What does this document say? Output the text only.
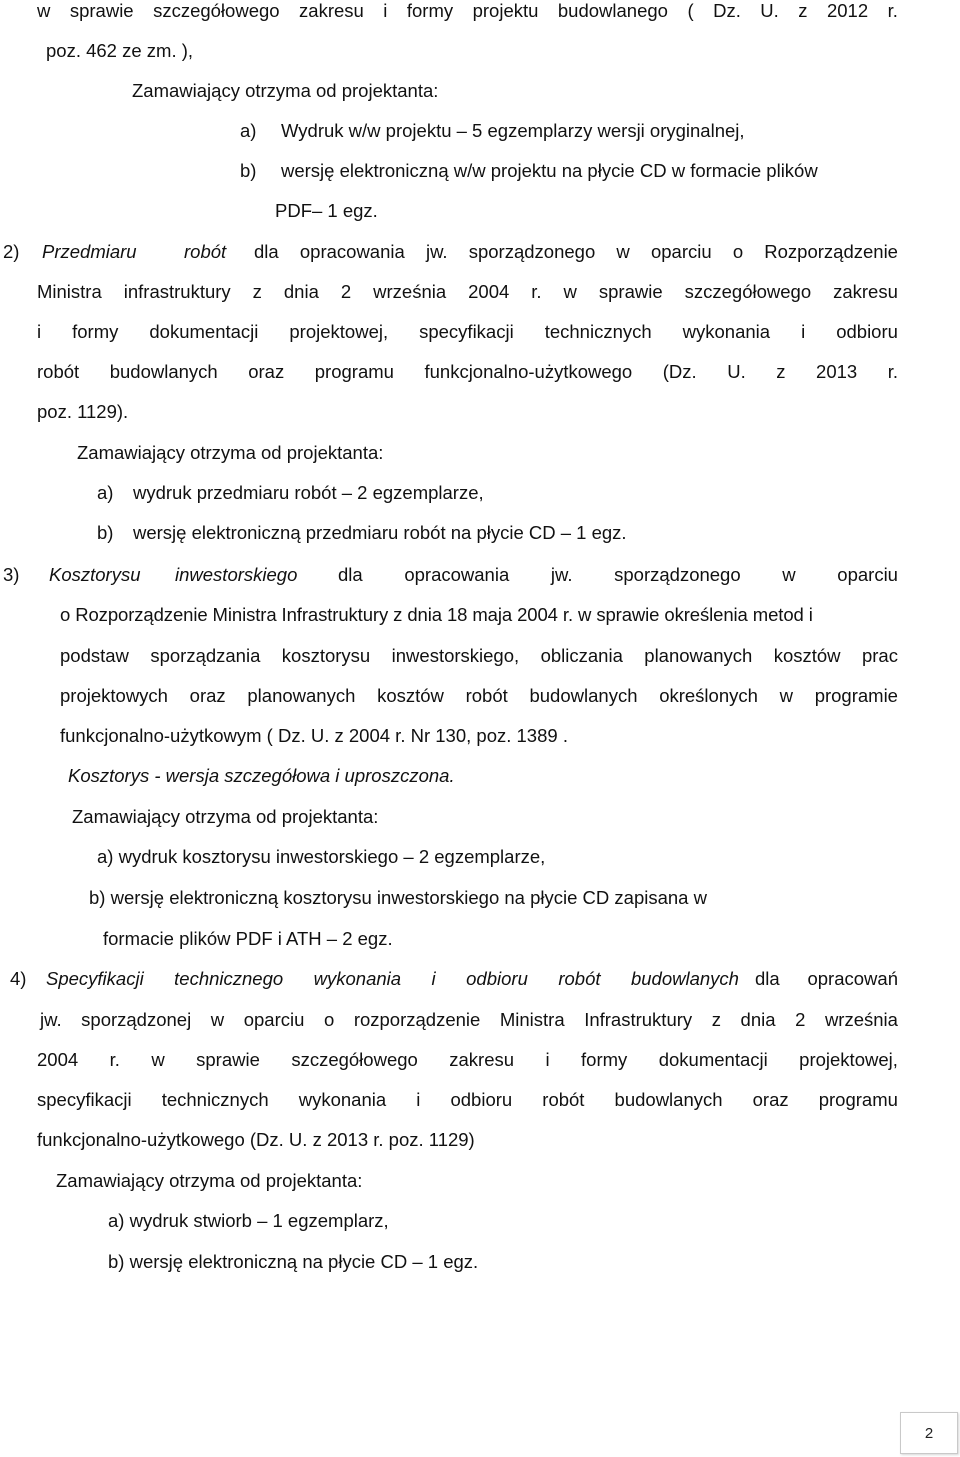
w sprawie szczegółowego zakresu i formy projektu budowlanego ( Dz. U. z 2012 r.
poz. 462 ze zm. ),
Zamawiający otrzyma od projektanta:
a) Wydruk w/w projektu – 5 egzemplarzy wersji oryginalnej,
b) wersję elektroniczną w/w projektu na płycie CD w formacie plików
PDF– 1 egz.
2) Przedmiaru	robót dla opracowania jw. sporządzonego w oparciu o Rozporządzenie
Ministra infrastruktury z dnia 2 września 2004 r. w sprawie szczegółowego zakresu
i formy dokumentacji projektowej, specyfikacji technicznych wykonania i odbioru
robót budowlanych oraz programu funkcjonalno-użytkowego (Dz. U. z 2013 r.
poz. 1129).
Zamawiający otrzyma od projektanta:
a) wydruk przedmiaru robót – 2 egzemplarze,
b) wersję elektroniczną przedmiaru robót na płycie CD – 1 egz.
3) Kosztorysu inwestorskiego dla opracowania jw. sporządzonego w oparciu
o Rozporządzenie Ministra Infrastruktury z dnia 18 maja 2004 r. w sprawie określenia metod i
podstaw sporządzania kosztorysu inwestorskiego, obliczania planowanych kosztów prac
projektowych oraz planowanych kosztów robót budowlanych określonych w programie
funkcjonalno-użytkowym ( Dz. U. z 2004 r. Nr 130, poz. 1389 .
Kosztorys - wersja szczegółowa i uproszczona.
Zamawiający otrzyma od projektanta:
a) wydruk kosztorysu inwestorskiego – 2 egzemplarze,
b) wersję elektroniczną kosztorysu inwestorskiego na płycie CD zapisana w
formacie plików PDF i ATH – 2 egz.
4) Specyfikacji technicznego wykonania i odbioru robót budowlanych dla opracowań
jw. sporządzonej w oparciu o rozporządzenie Ministra Infrastruktury z dnia 2 września
2004 r. w sprawie szczegółowego zakresu i formy dokumentacji projektowej,
specyfikacji technicznych wykonania i odbioru robót budowlanych oraz programu
funkcjonalno-użytkowego (Dz. U. z 2013 r. poz. 1129)
Zamawiający otrzyma od projektanta:
a) wydruk stwiorb – 1 egzemplarz,
b) wersję elektroniczną na płycie CD – 1 egz.
2
